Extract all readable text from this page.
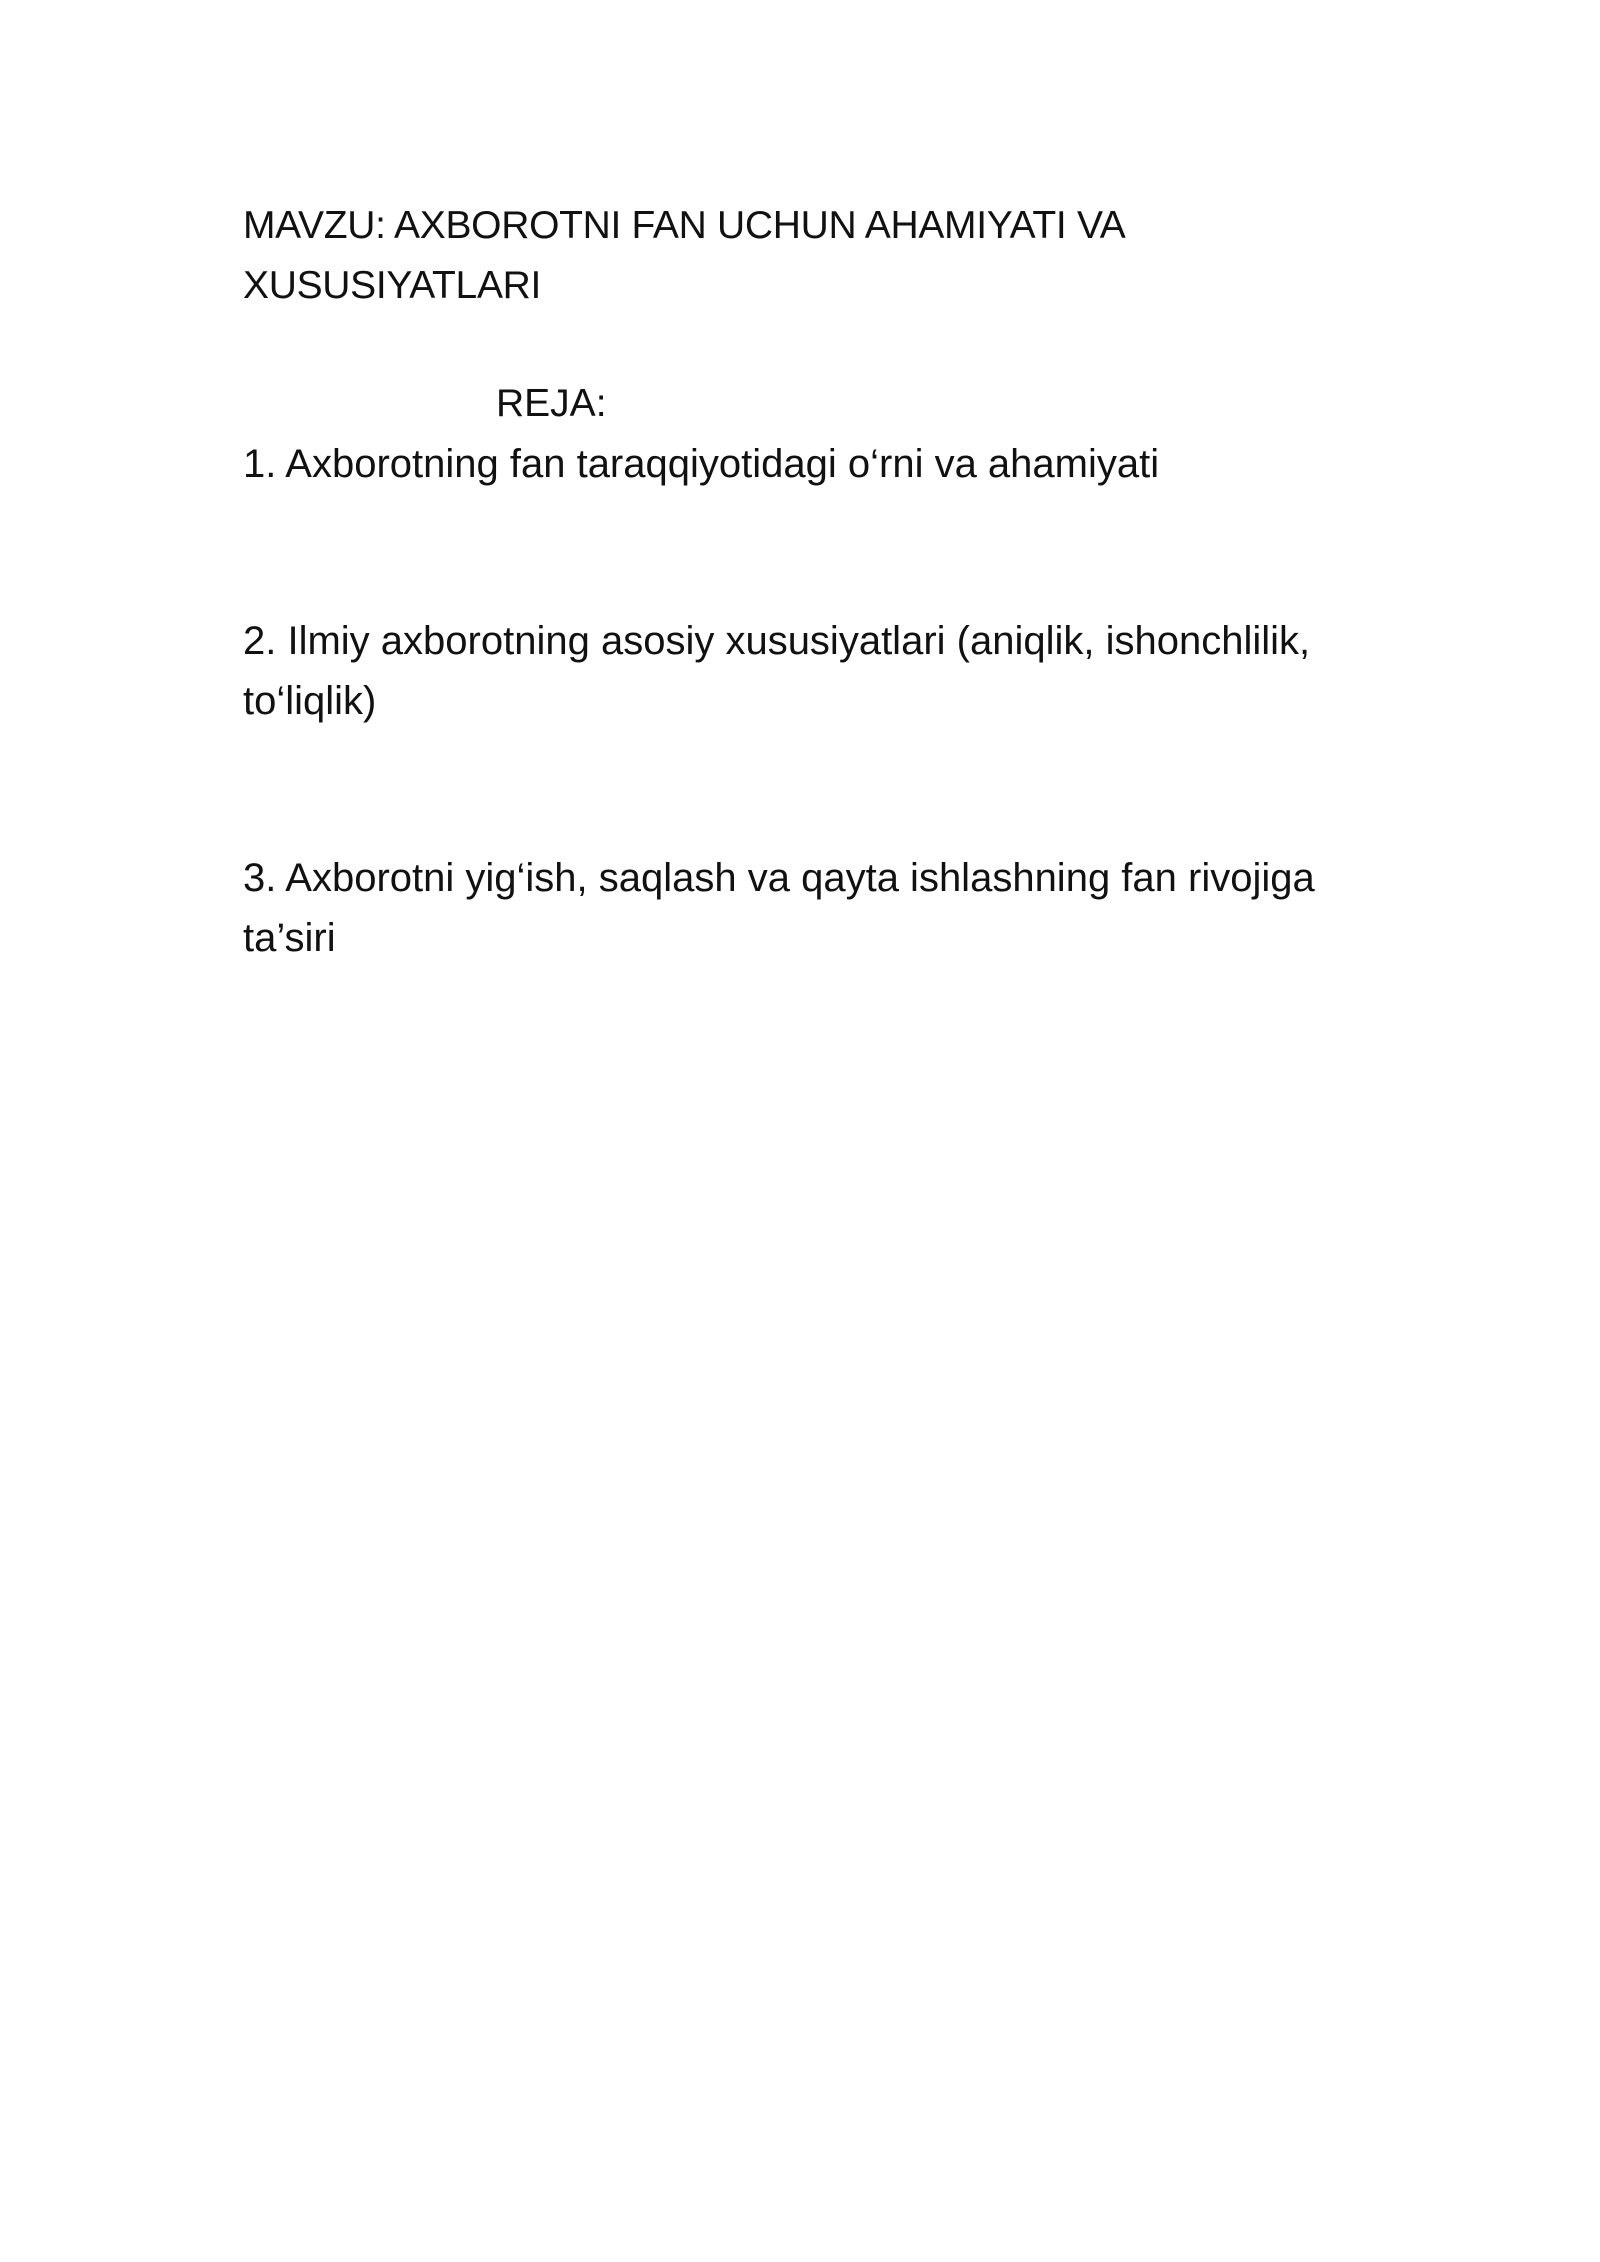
MAVZU: AXBOROTNI FAN UCHUN AHAMIYATI VA XUSUSIYATLARI
REJA:

1. Axborotning fan taraqqiyotidagi o‘rni va ahamiyati

2. Ilmiy axborotning asosiy xususiyatlari (aniqlik, ishonchlilik, to‘liqlik)

3. Axborotni yig‘ish, saqlash va qayta ishlashning fan rivojiga ta’siri
